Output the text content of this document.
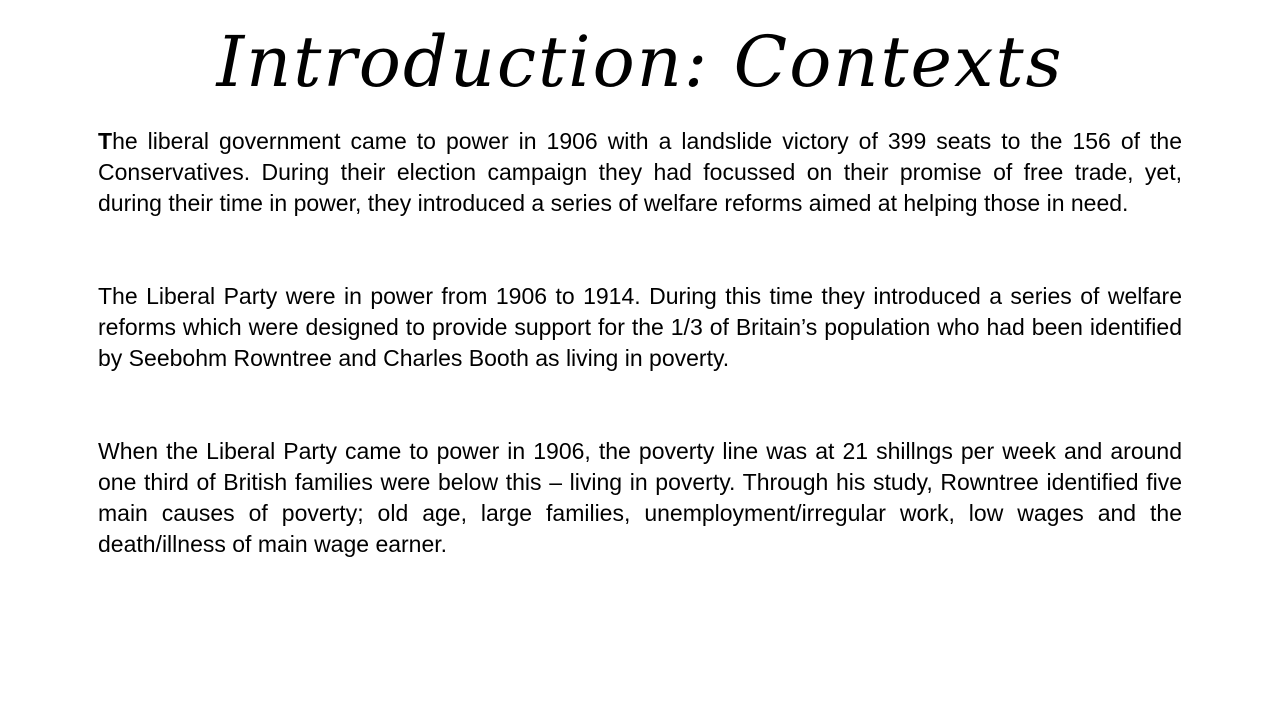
Introduction: Contexts

The liberal government came to power in 1906 with a landslide victory of 399 seats to the 156 of the Conservatives. During their election campaign they had focussed on their promise of free trade, yet, during their time in power, they introduced a series of welfare reforms aimed at helping those in need.

The Liberal Party were in power from 1906 to 1914. During this time they introduced a series of welfare reforms which were designed to provide support for the 1/3 of Britain’s population who had been identified by Seebohm Rowntree and Charles Booth as living in poverty.

When the Liberal Party came to power in 1906, the poverty line was at 21 shillngs per week and around one third of British families were below this – living in poverty. Through his study, Rowntree identified five main causes of poverty; old age, large families, unemployment/irregular work, low wages and the death/illness of main wage earner.
